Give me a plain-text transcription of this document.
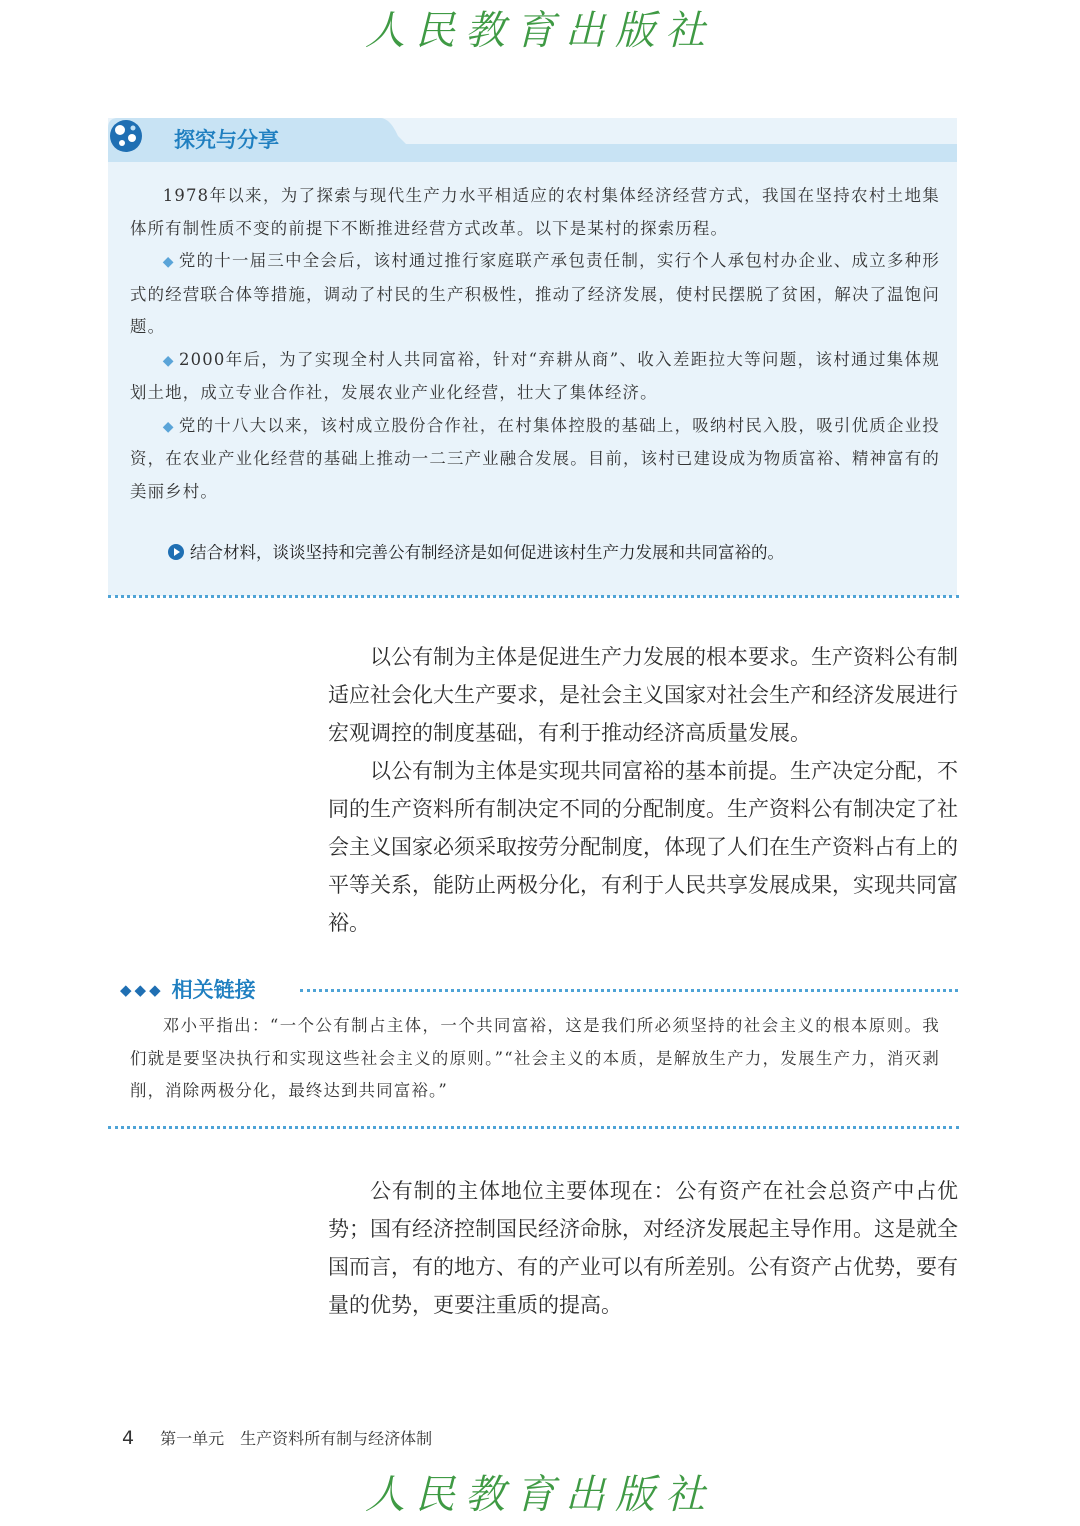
人民教育出版社
探究与分享

1978年以来，为了探索与现代生产力水平相适应的农村集体经济经营方式，我国在坚持农村土地集体所有制性质不变的前提下不断推进经营方式改革。以下是某村的探索历程。

◆ 党的十一届三中全会后，该村通过推行家庭联产承包责任制，实行个人承包村办企业、成立多种形式的经营联合体等措施，调动了村民的生产积极性，推动了经济发展，使村民摆脱了贫困，解决了温饱问题。

◆ 2000年后，为了实现全村人共同富裕，针对“弃耕从商”、收入差距拉大等问题，该村通过集体规划土地，成立专业合作社，发展农业产业化经营，壮大了集体经济。

◆ 党的十八大以来，该村成立股份合作社，在村集体控股的基础上，吸纳村民入股，吸引优质企业投资，在农业产业化经营的基础上推动一二三产业融合发展。目前，该村已建设成为物质富裕、精神富有的美丽乡村。

结合材料，谈谈坚持和完善公有制经济是如何促进该村生产力发展和共同富裕的。

以公有制为主体是促进生产力发展的根本要求。生产资料公有制适应社会化大生产要求，是社会主义国家对社会生产和经济发展进行宏观调控的制度基础，有利于推动经济高质量发展。

以公有制为主体是实现共同富裕的基本前提。生产决定分配，不同的生产资料所有制决定不同的分配制度。生产资料公有制决定了社会主义国家必须采取按劳分配制度，体现了人们在生产资料占有上的平等关系，能防止两极分化，有利于人民共享发展成果，实现共同富裕。

◆◆◆ 相关链接

邓小平指出：“一个公有制占主体，一个共同富裕，这是我们所必须坚持的社会主义的根本原则。我们就是要坚决执行和实现这些社会主义的原则。”“社会主义的本质，是解放生产力，发展生产力，消灭剥削，消除两极分化，最终达到共同富裕。”

公有制的主体地位主要体现在：公有资产在社会总资产中占优势；国有经济控制国民经济命脉，对经济发展起主导作用。这是就全国而言，有的地方、有的产业可以有所差别。公有资产占优势，要有量的优势，更要注重质的提高。

4 第一单元　生产资料所有制与经济体制
人民教育出版社
